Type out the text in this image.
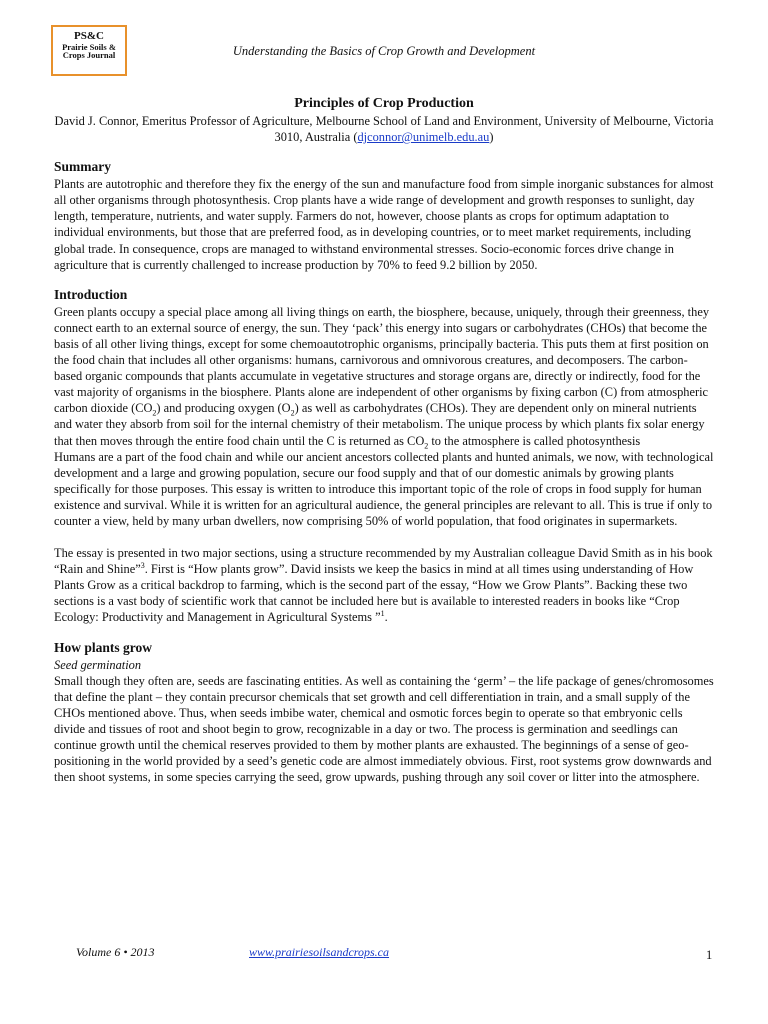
PS&C
Prairie Soils &
Crops Journal	Understanding the Basics of Crop Growth and Development

Principles of Crop Production

David J. Connor, Emeritus Professor of Agriculture, Melbourne School of Land and Environment, University of Melbourne, Victoria 3010, Australia (djconnor@unimelb.edu.au)

Summary

Plants are autotrophic and therefore they fix the energy of the sun and manufacture food from simple inorganic substances for almost all other organisms through photosynthesis. Crop plants have a wide range of development and growth responses to sunlight, day length, temperature, nutrients, and water supply. Farmers do not, however, choose plants as crops for optimum adaptation to individual environments, but those that are preferred food, as in developing countries, or to meet market requirements, including global trade. In consequence, crops are managed to withstand environmental stresses. Socio-economic forces drive change in agriculture that is currently challenged to increase production by 70% to feed 9.2 billion by 2050.

Introduction

Green plants occupy a special place among all living things on earth, the biosphere, because, uniquely, through their greenness, they connect earth to an external source of energy, the sun. They ‘pack’ this energy into sugars or carbohydrates (CHOs) that become the basis of all other living things, except for some chemoautotrophic organisms, principally bacteria. This puts them at first position on the food chain that includes all other organisms: humans, carnivorous and omnivorous creatures, and decomposers. The carbon-based organic compounds that plants accumulate in vegetative structures and storage organs are, directly or indirectly, food for the vast majority of organisms in the biosphere. Plants alone are independent of other organisms by fixing carbon (C) from atmospheric carbon dioxide $(CO_2)$ and producing oxygen $(O_2)$ as well as carbohydrates (CHOs). They are dependent only on mineral nutrients and water they absorb from soil for the internal chemistry of their metabolism. The unique process by which plants fix solar energy that then moves through the entire food chain until the C is returned as $CO_2$ to the atmosphere is called photosynthesis

Humans are a part of the food chain and while our ancient ancestors collected plants and hunted animals, we now, with technological development and a large and growing population, secure our food supply and that of our domestic animals by growing plants specifically for those purposes. This essay is written to introduce this important topic of the role of crops in food supply for human existence and survival. While it is written for an agricultural audience, the general principles are relevant to all. This is true if only to counter a view, held by many urban dwellers, now comprising 50% of world population, that food originates in supermarkets.

The essay is presented in two major sections, using a structure recommended by my Australian colleague David Smith as in his book “Rain and Shine”$^3$. First is “How plants grow”. David insists we keep the basics in mind at all times using understanding of How Plants Grow as a critical backdrop to farming, which is the second part of the essay, “How we Grow Plants”. Backing these two sections is a vast body of scientific work that cannot be included here but is available to interested readers in books like “Crop Ecology: Productivity and Management in Agricultural Systems ”$^1$.

How plants grow

Seed germination

Small though they often are, seeds are fascinating entities. As well as containing the ‘germ’ – the life package of genes/chromosomes that define the plant – they contain precursor chemicals that set growth and cell differentiation in train, and a small supply of the CHOs mentioned above. Thus, when seeds imbibe water, chemical and osmotic forces begin to operate so that embryonic cells divide and tissues of root and shoot begin to grow, recognizable in a day or two. The process is germination and seedlings can continue growth until the chemical reserves provided to them by mother plants are exhausted. The beginnings of a sense of geo-positioning in the world provided by a seed’s genetic code are almost immediately obvious. First, root systems grow downwards and then shoot systems, in some species carrying the seed, grow upwards, pushing through any soil cover or litter into the atmosphere.

Volume 6 • 2013	www.prairiesoilsandcrops.ca	1
